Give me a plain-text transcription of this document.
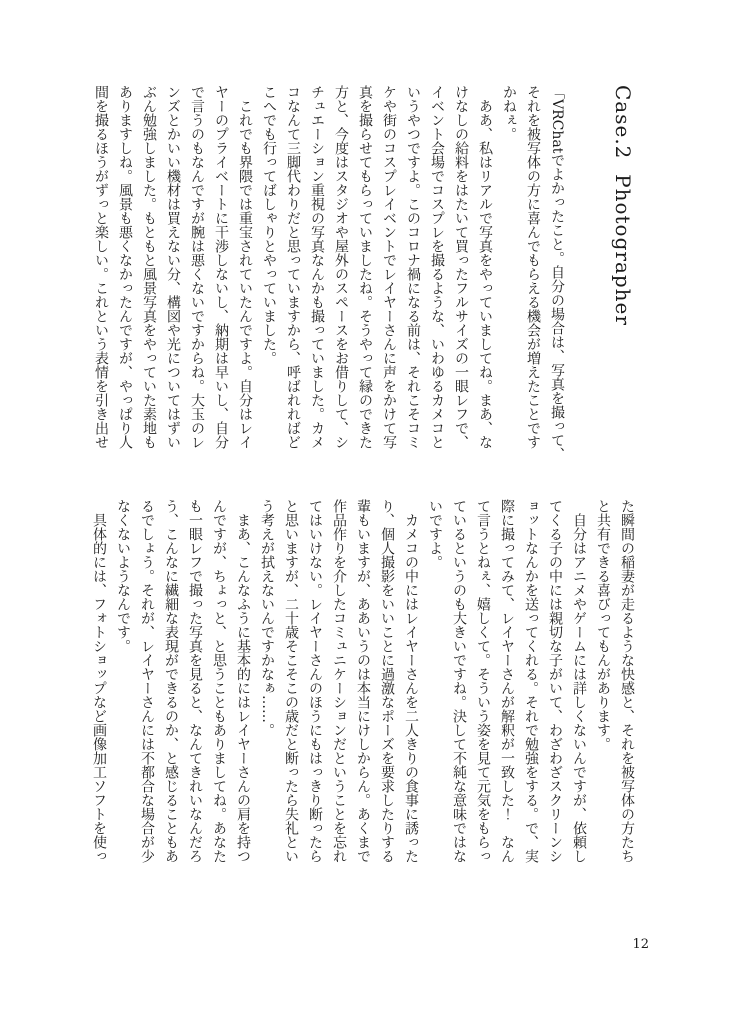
Case.2  Photographer
「VRChatでよかったこと。自分の場合は、写真を撮って、
それを被写体の方に喜んでもらえる機会が増えたことです
かねぇ。
　ああ、私はリアルで写真をやっていましてね。まあ、な
けなしの給料をはたいて買ったフルサイズの一眼レフで、
イベント会場でコスプレを撮るような、いわゆるカメコと
いうやつですよ。このコロナ禍になる前は、それこそコミ
ケや街のコスプレイベントでレイヤーさんに声をかけて写
真を撮らせてもらっていましたね。そうやって縁のできた
方と、今度はスタジオや屋外のスペースをお借りして、シ
チュエーション重視の写真なんかも撮っていました。カメ
コなんて三脚代わりだと思っていますから、呼ばれればど
こへでも行ってばしゃりとやっていました。
　これでも界隈では重宝されていたんですよ。自分はレイ
ヤーのプライベートに干渉しないし、納期は早いし、自分
で言うのもなんですが腕は悪くないですからね。大玉のレ
ンズとかいい機材は買えない分、構図や光についてはずい
ぶん勉強しました。もともと風景写真をやっていた素地も
ありますしね。風景も悪くなかったんですが、やっぱり人
間を撮るほうがずっと楽しい。これという表情を引き出せ
た瞬間の稲妻が走るような快感と、それを被写体の方たち
と共有できる喜びってもんがあります。
　自分はアニメやゲームには詳しくないんですが、依頼し
てくる子の中には親切な子がいて、わざわざスクリーンシ
ョットなんかを送ってくれる。それで勉強をする。で、実
際に撮ってみて、レイヤーさんが解釈が一致した！　なん
て言うとねぇ、嬉しくて。そういう姿を見て元気をもらっ
ているというのも大きいですね。決して不純な意味ではな
いですよ。
　カメコの中にはレイヤーさんを二人きりの食事に誘った
り、個人撮影をいいことに過激なポーズを要求したりする
輩もいますが、ああいうのは本当にけしからん。あくまで
作品作りを介したコミュニケーションだということを忘れ
てはいけない。レイヤーさんのほうにもはっきり断ったら
と思いますが、二十歳そこそこの歳だと断ったら失礼とい
う考えが拭えないんですかなぁ……。
　まあ、こんなふうに基本的にはレイヤーさんの肩を持つ
んですが、ちょっと、と思うこともありましてね。あなた
も一眼レフで撮った写真を見ると、なんてきれいなんだろ
う、こんなに繊細な表現ができるのか、と感じることもあ
るでしょう。それが、レイヤーさんには不都合な場合が少
なくないようなんです。
　具体的には、フォトショップなど画像加工ソフトを使っ
12
